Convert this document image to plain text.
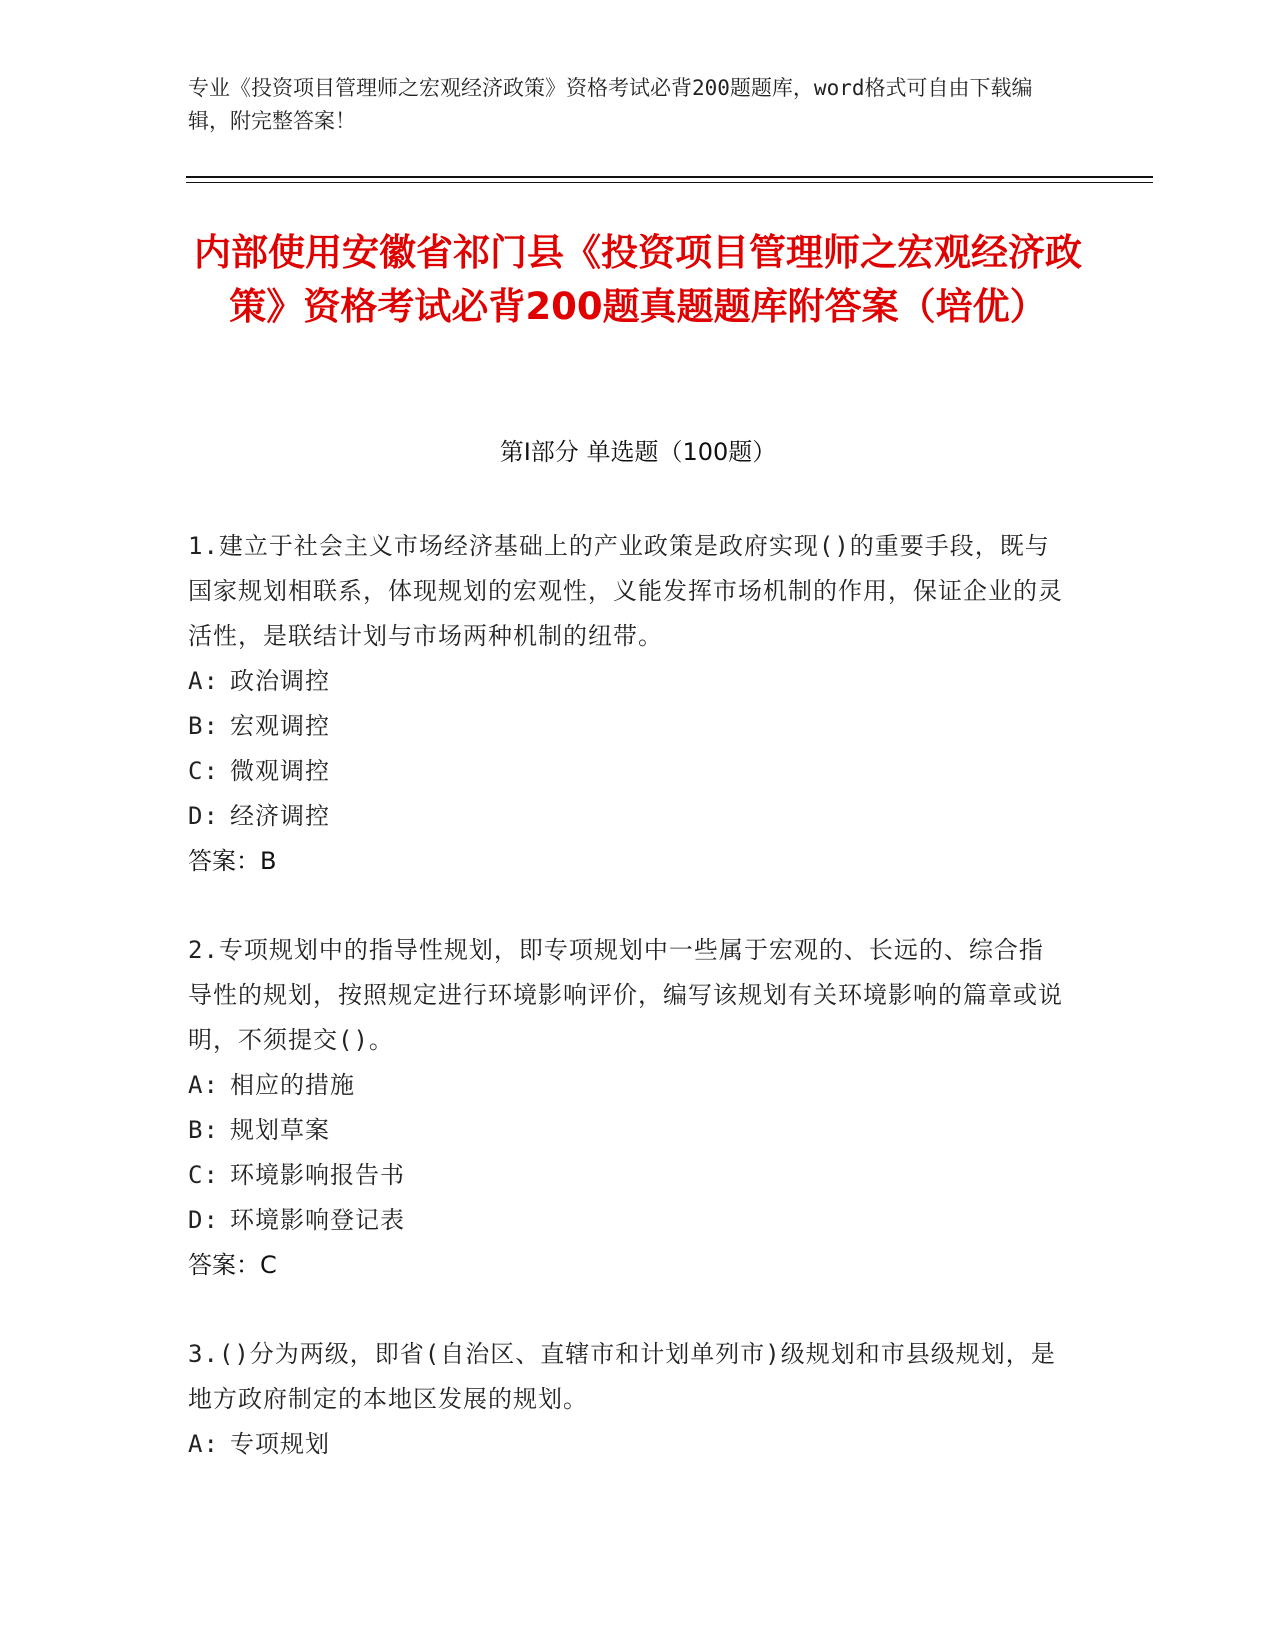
专业《投资项目管理师之宏观经济政策》资格考试必背200题题库，word格式可自由下载编辑，附完整答案！
内部使用安徽省祁门县《投资项目管理师之宏观经济政策》资格考试必背200题真题题库附答案（培优）
第I部分 单选题（100题）
1.建立于社会主义市场经济基础上的产业政策是政府实现()的重要手段，既与国家规划相联系，体现规划的宏观性，义能发挥市场机制的作用，保证企业的灵活性，是联结计划与市场两种机制的纽带。
A: 政治调控
B: 宏观调控
C: 微观调控
D: 经济调控
答案：B
2.专项规划中的指导性规划，即专项规划中一些属于宏观的、长远的、综合指导性的规划，按照规定进行环境影响评价，编写该规划有关环境影响的篇章或说明，不须提交()。
A: 相应的措施
B: 规划草案
C: 环境影响报告书
D: 环境影响登记表
答案：C
3.()分为两级，即省(自治区、直辖市和计划单列市)级规划和市县级规划，是地方政府制定的本地区发展的规划。
A: 专项规划
